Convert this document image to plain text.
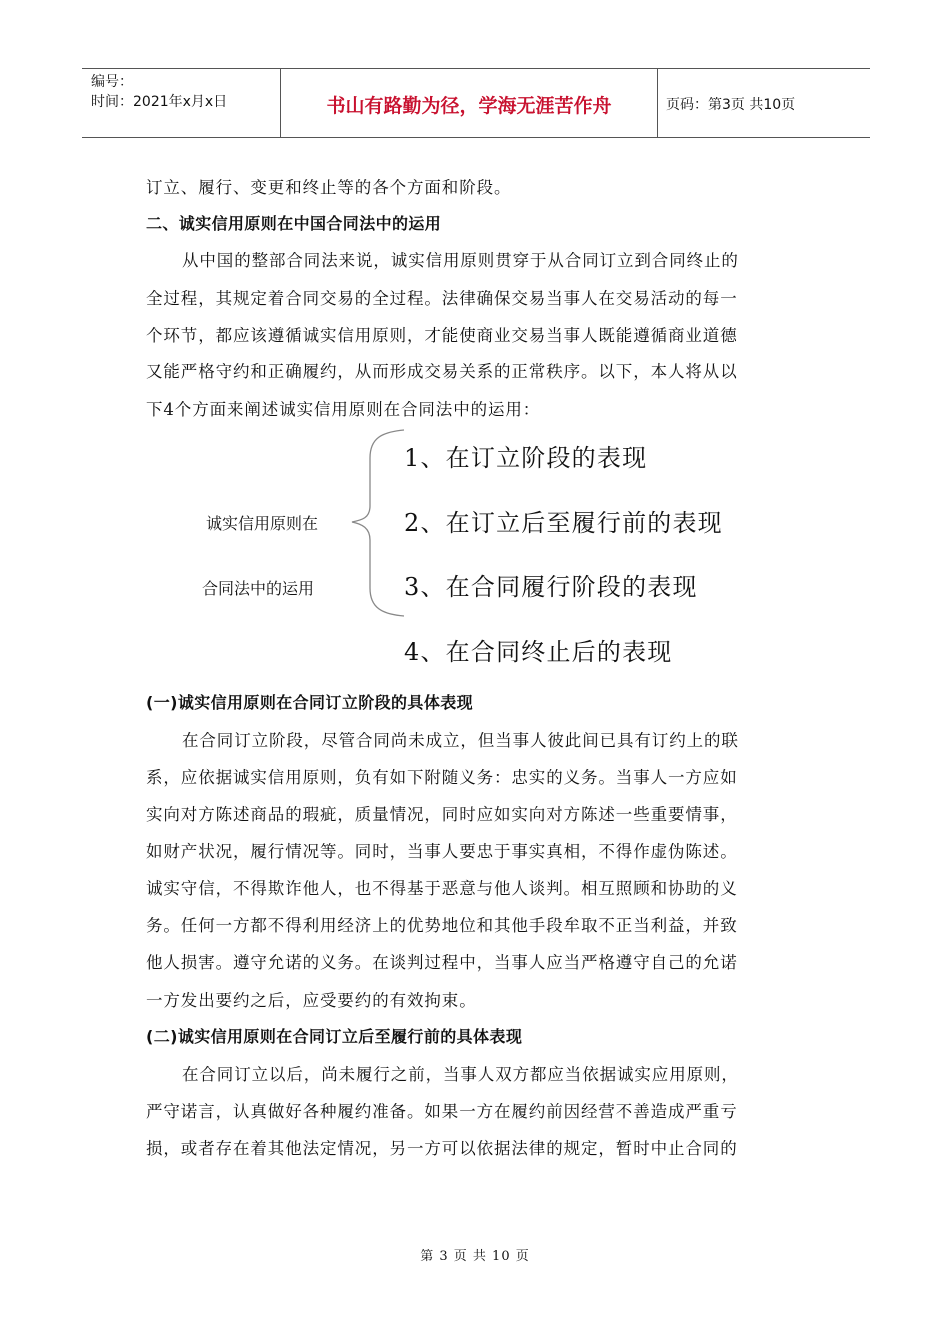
编号：
时间：2021年x月x日	书山有路勤为径，学海无涯苦作舟	页码：第3页 共10页
订立、履行、变更和终止等的各个方面和阶段。
二、诚实信用原则在中国合同法中的运用
从中国的整部合同法来说，诚实信用原则贯穿于从合同订立到合同终止的
全过程，其规定着合同交易的全过程。法律确保交易当事人在交易活动的每一
个环节，都应该遵循诚实信用原则，才能使商业交易当事人既能遵循商业道德
又能严格守约和正确履约，从而形成交易关系的正常秩序。以下，本人将从以
下4个方面来阐述诚实信用原则在合同法中的运用：
诚实信用原则在
合同法中的运用
1、在订立阶段的表现
2、在订立后至履行前的表现
3、在合同履行阶段的表现
4、在合同终止后的表现
(一)诚实信用原则在合同订立阶段的具体表现
在合同订立阶段，尽管合同尚未成立，但当事人彼此间已具有订约上的联
系，应依据诚实信用原则，负有如下附随义务：忠实的义务。当事人一方应如
实向对方陈述商品的瑕疵，质量情况，同时应如实向对方陈述一些重要情事，
如财产状况，履行情况等。同时，当事人要忠于事实真相，不得作虚伪陈述。
诚实守信，不得欺诈他人，也不得基于恶意与他人谈判。相互照顾和协助的义
务。任何一方都不得利用经济上的优势地位和其他手段牟取不正当利益，并致
他人损害。遵守允诺的义务。在谈判过程中，当事人应当严格遵守自己的允诺
一方发出要约之后，应受要约的有效拘束。
(二)诚实信用原则在合同订立后至履行前的具体表现
在合同订立以后，尚未履行之前，当事人双方都应当依据诚实应用原则，
严守诺言，认真做好各种履约准备。如果一方在履约前因经营不善造成严重亏
损，或者存在着其他法定情况，另一方可以依据法律的规定，暂时中止合同的
第 3 页 共 10 页
